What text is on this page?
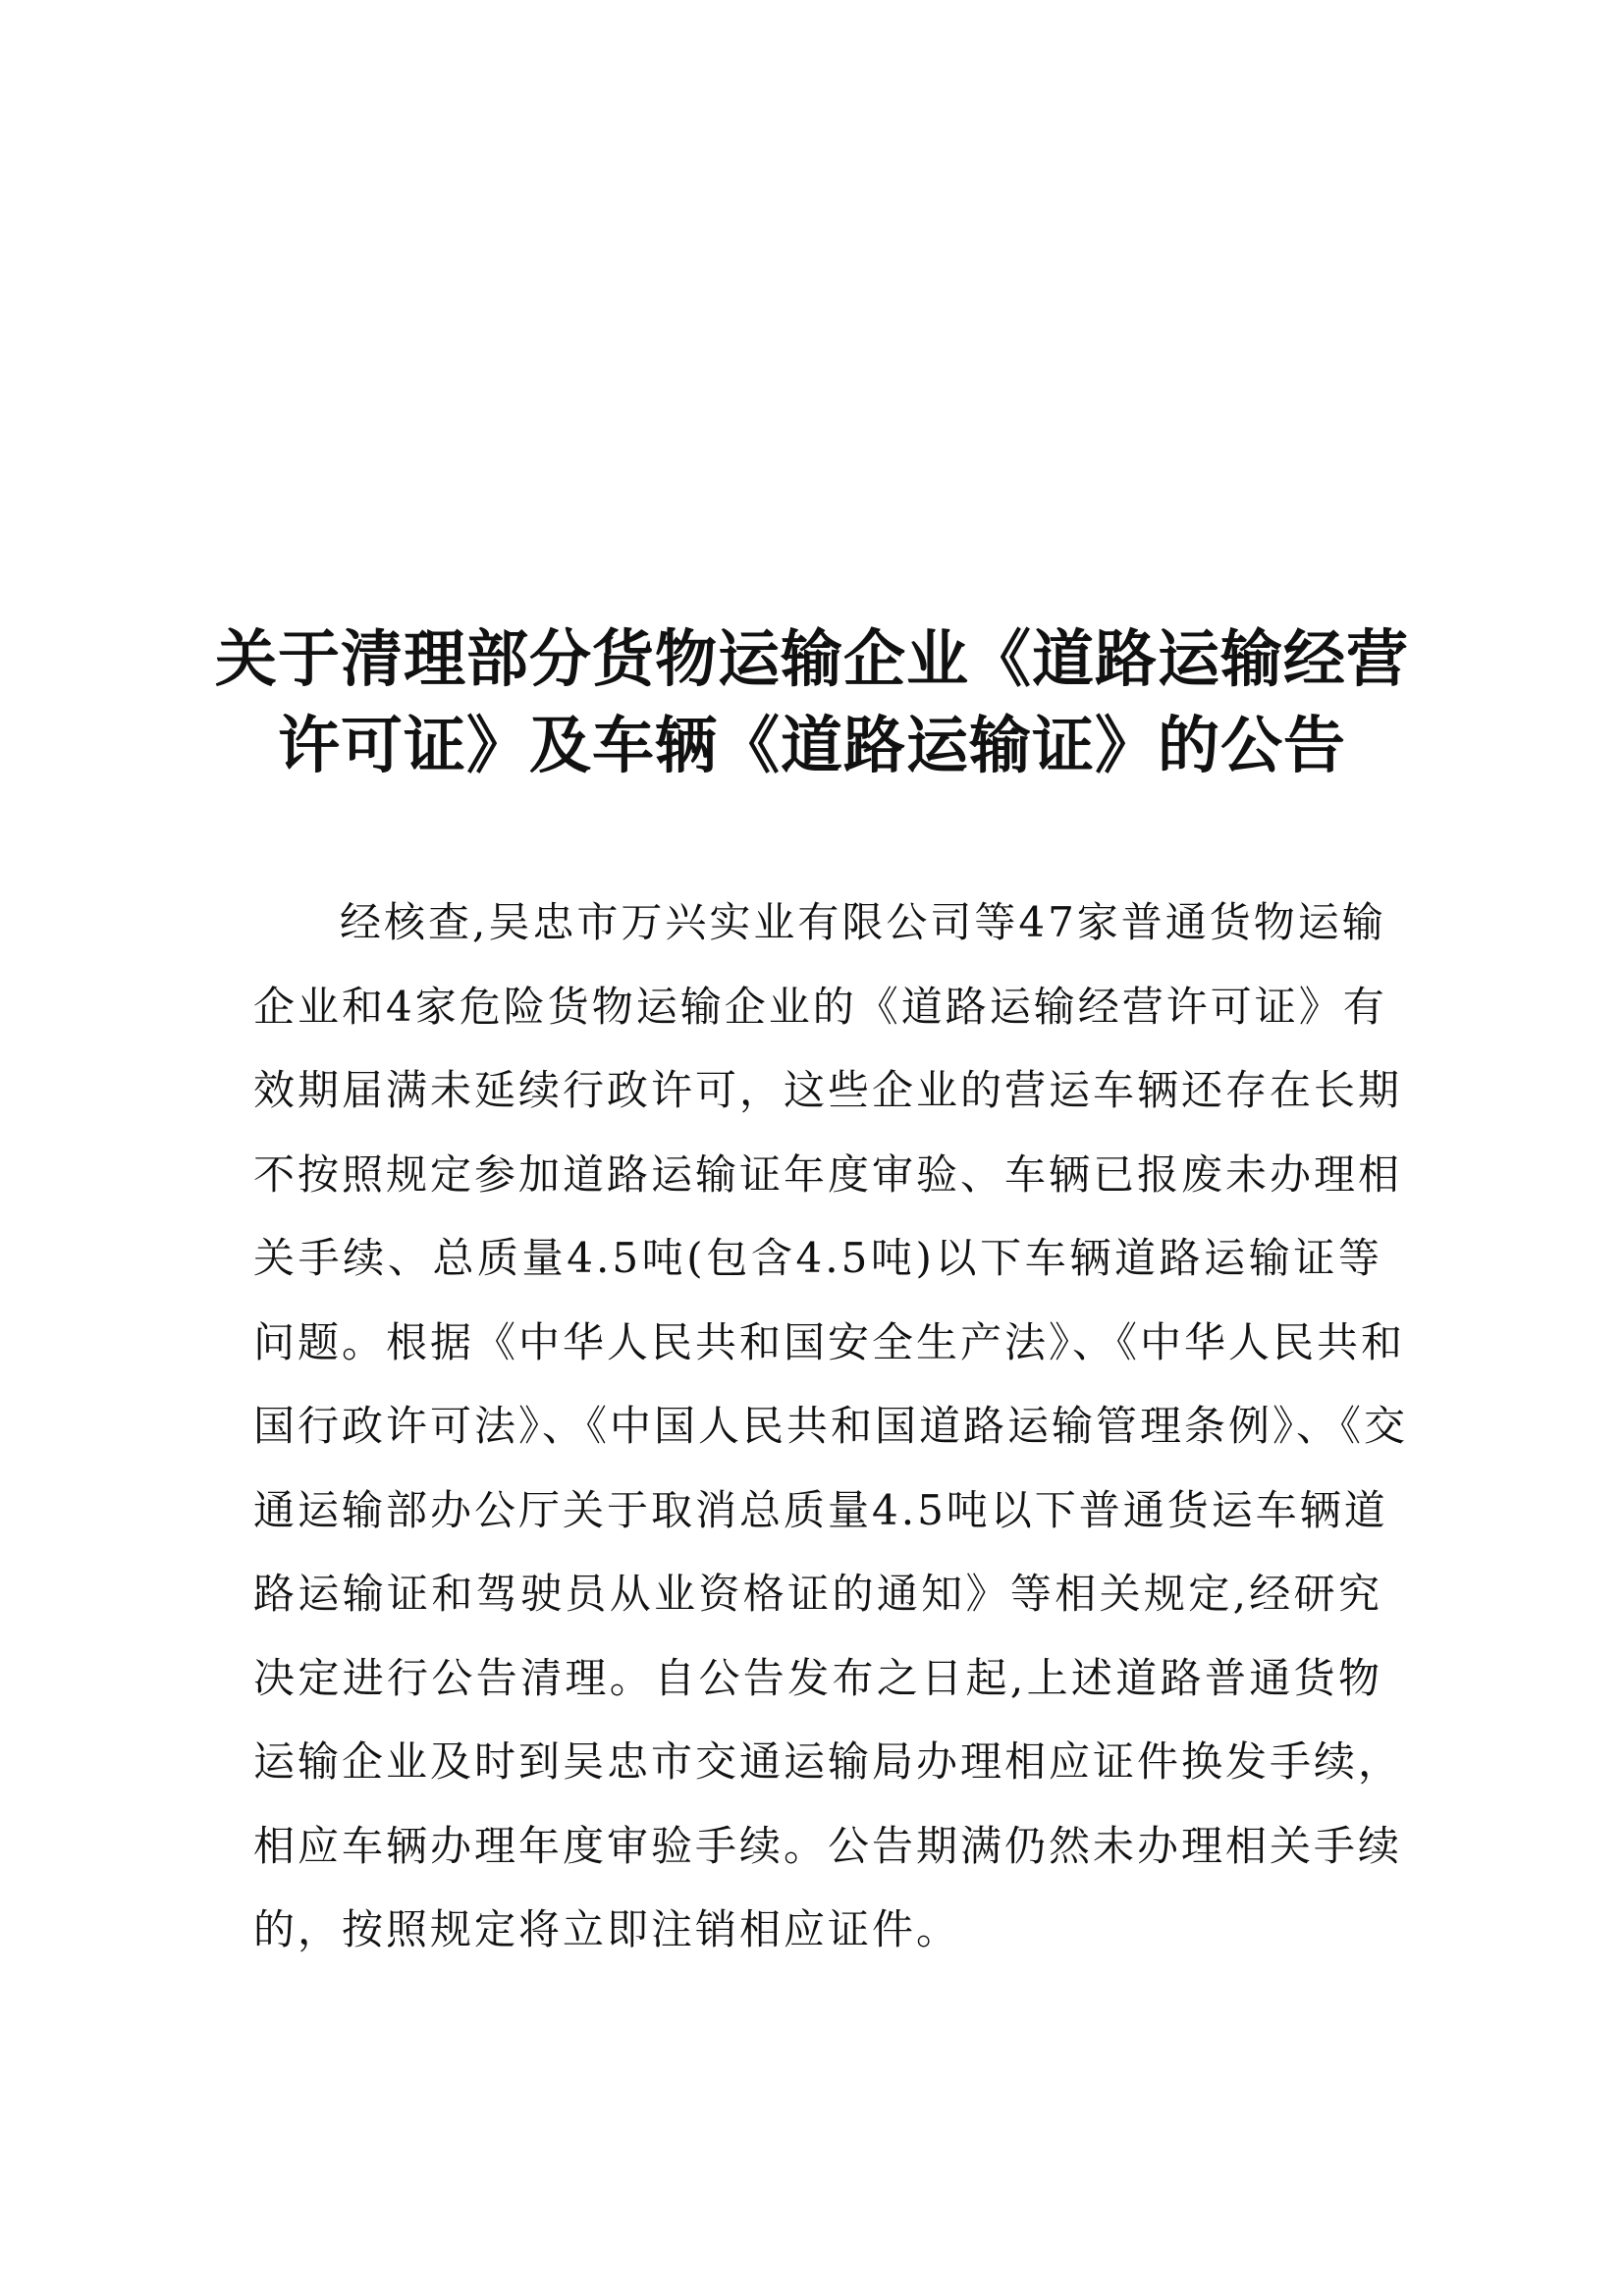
关于清理部分货物运输企业《道路运输经营
许可证》及车辆《道路运输证》的公告
经核查,吴忠市万兴实业有限公司等47家普通货物运输
企业和4家危险货物运输企业的《道路运输经营许可证》有
效期届满未延续行政许可，这些企业的营运车辆还存在长期
不按照规定参加道路运输证年度审验、车辆已报废未办理相
关手续、总质量4.5吨(包含4.5吨)以下车辆道路运输证等
问题。根据《中华人民共和国安全生产法》、《中华人民共和
国行政许可法》、《中国人民共和国道路运输管理条例》、《交
通运输部办公厅关于取消总质量4.5吨以下普通货运车辆道
路运输证和驾驶员从业资格证的通知》等相关规定,经研究
决定进行公告清理。自公告发布之日起,上述道路普通货物
运输企业及时到吴忠市交通运输局办理相应证件换发手续，
相应车辆办理年度审验手续。公告期满仍然未办理相关手续
的，按照规定将立即注销相应证件。
